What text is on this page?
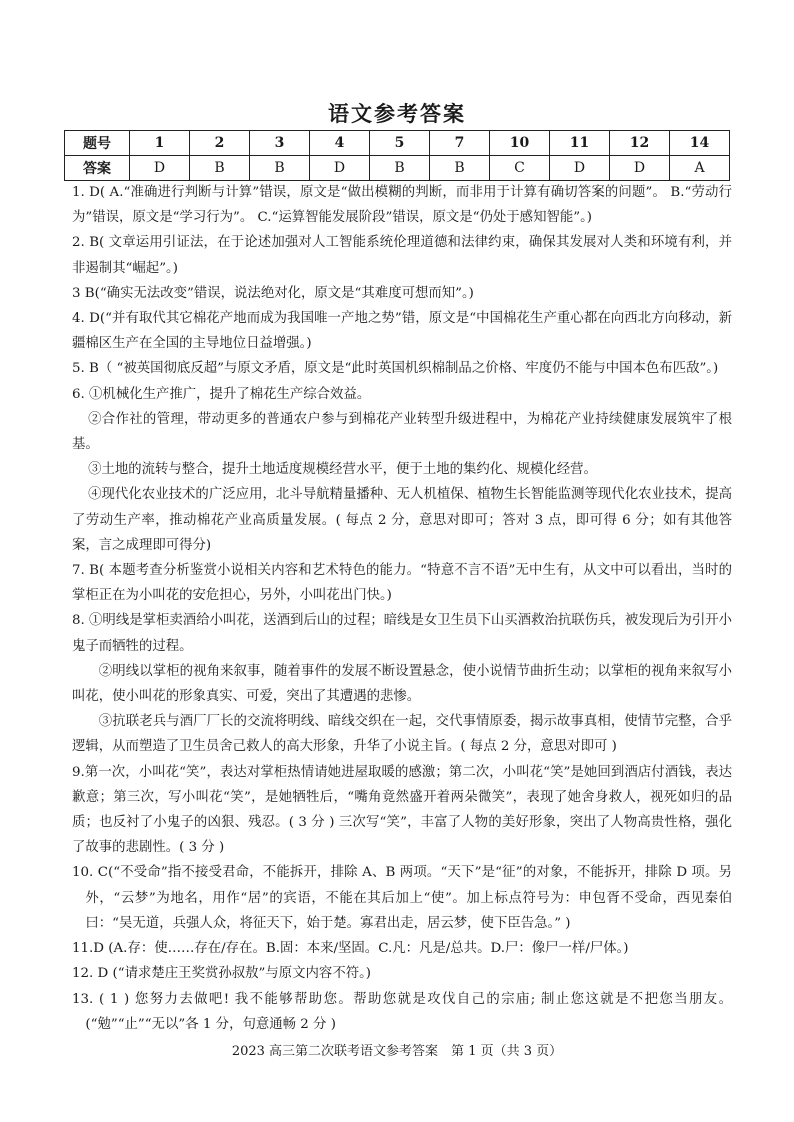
语文参考答案
题号	1	2	3	4	5	7	10	11	12	14
答案	D	B	B	D	B	B	C	D	D	A

1. D( A.“准确进行判断与计算”错误，原文是“做出模糊的判断，而非用于计算有确切答案的问题”。 B.“劳动行为”错误，原文是“学习行为”。 C.“运算智能发展阶段”错误，原文是“仍处于感知智能”。)

2. B( 文章运用引证法，在于论述加强对人工智能系统伦理道德和法律约束，确保其发展对人类和环境有利，并非遏制其“崛起”。)

3 B(“确实无法改变”错误，说法绝对化，原文是“其难度可想而知”。)

4. D(“并有取代其它棉花产地而成为我国唯一产地之势”错，原文是“中国棉花生产重心都在向西北方向移动，新疆棉区生产在全国的主导地位日益增强。)

5. B（ “被英国彻底反超”与原文矛盾，原文是“此时英国机织棉制品之价格、牢度仍不能与中国本色布匹敌”。)

6. ①机械化生产推广，提升了棉花生产综合效益。

②合作社的管理，带动更多的普通农户参与到棉花产业转型升级进程中，为棉花产业持续健康发展筑牢了根基。

③土地的流转与整合，提升土地适度规模经营水平，便于土地的集约化、规模化经营。

④现代化农业技术的广泛应用，北斗导航精量播种、无人机植保、植物生长智能监测等现代化农业技术，提高了劳动生产率，推动棉花产业高质量发展。( 每点 2 分，意思对即可；答对 3 点，即可得 6 分；如有其他答案，言之成理即可得分)

7. B( 本题考查分析鉴赏小说相关内容和艺术特色的能力。“特意不言不语”无中生有，从文中可以看出，当时的掌柜正在为小叫花的安危担心，另外，小叫花出门快。)

8. ①明线是掌柜卖酒给小叫花，送酒到后山的过程；暗线是女卫生员下山买酒救治抗联伤兵，被发现后为引开小鬼子而牺牲的过程。

②明线以掌柜的视角来叙事，随着事件的发展不断设置悬念，使小说情节曲折生动；以掌柜的视角来叙写小叫花，使小叫花的形象真实、可爱，突出了其遭遇的悲惨。

③抗联老兵与酒厂厂长的交流将明线、暗线交织在一起，交代事情原委，揭示故事真相，使情节完整，合乎逻辑，从而塑造了卫生员舍己救人的高大形象，升华了小说主旨。( 每点 2 分，意思对即可 )

9.第一次，小叫花“笑”，表达对掌柜热情请她进屋取暖的感激；第二次，小叫花“笑”是她回到酒店付酒钱，表达歉意；第三次，写小叫花“笑”，是她牺牲后，“嘴角竟然盛开着两朵微笑”，表现了她舍身救人，视死如归的品质；也反衬了小鬼子的凶狠、残忍。( 3 分 ) 三次写“笑”，丰富了人物的美好形象，突出了人物高贵性格，强化了故事的悲剧性。( 3 分 )

10. C(“不受命”指不接受君命，不能拆开，排除 A、B 两项。“天下”是“征”的对象，不能拆开，排除 D 项。另外，“云梦”为地名，用作“居”的宾语，不能在其后加上“使”。加上标点符号为：申包胥不受命，西见秦伯曰：“吴无道，兵强人众，将征天下，始于楚。寡君出走，居云梦，使下臣告急。” )

11.D (A.存：使……存在/存在。B.固：本来/坚固。C.凡：凡是/总共。D.尸：像尸一样/尸体。)

12. D (“请求楚庄王奖赏孙叔敖”与原文内容不符。)

13. ( 1 ) 您努力去做吧! 我不能够帮助您。帮助您就是攻伐自己的宗庙; 制止您这就是不把您当朋友。(“勉”“止”“无以”各 1 分，句意通畅 2 分 )

2023 高三第二次联考语文参考答案　第 1 页（共 3 页）
